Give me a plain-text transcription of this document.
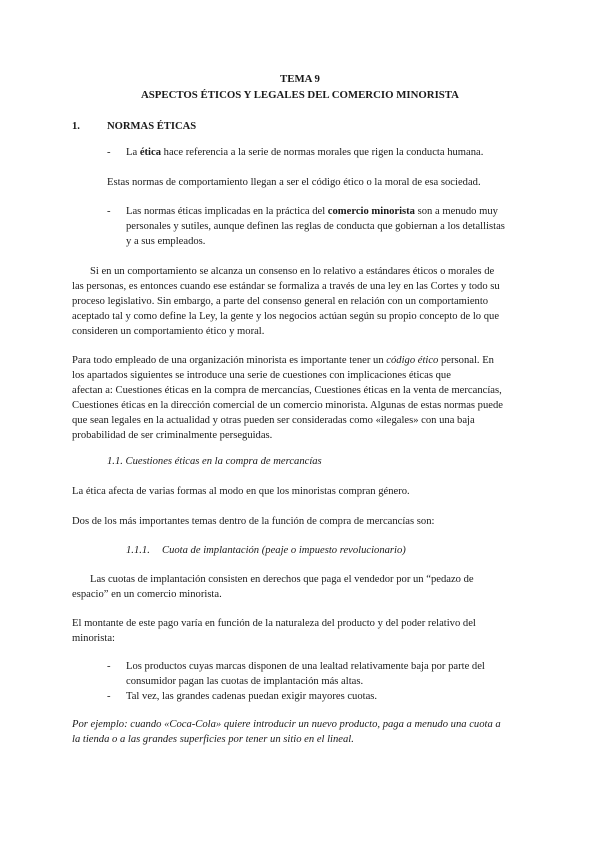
TEMA 9

ASPECTOS ÉTICOS Y LEGALES DEL COMERCIO MINORISTA

1.	NORMAS ÉTICAS

- La ética hace referencia a la serie de normas morales que rigen la conducta humana.

Estas normas de comportamiento llegan a ser el código ético o la moral de esa sociedad.

- Las normas éticas implicadas en la práctica del comercio minorista son a menudo muy

personales y sutiles, aunque definen las reglas de conducta que gobiernan a los detallistas

y a sus empleados.

Si en un comportamiento se alcanza un consenso en lo relativo a estándares éticos o morales de

las personas, es entonces cuando ese estándar se formaliza a través de una ley en las Cortes y todo su

proceso legislativo. Sin embargo, a parte del consenso general en relación con un comportamiento

aceptado tal y como define la Ley, la gente y los negocios actúan según su propio concepto de lo que

consideren un comportamiento ético y moral.

Para todo empleado de una organización minorista es importante tener un código ético personal. En

los apartados siguientes se introduce una serie de cuestiones con implicaciones éticas que

afectan a: Cuestiones éticas en la compra de mercancías, Cuestiones éticas en la venta de mercancías,

Cuestiones éticas en la dirección comercial de un comercio minorista. Algunas de estas normas puede

que sean legales en la actualidad y otras pueden ser consideradas como «ilegales» con una baja

probabilidad de ser criminalmente perseguidas.

1.1. Cuestiones éticas en la compra de mercancías

La ética afecta de varias formas al modo en que los minoristas compran género.

Dos de los más importantes temas dentro de la función de compra de mercancías son:

1.1.1. Cuota de implantación (peaje o impuesto revolucionario)

Las cuotas de implantación consisten en derechos que paga el vendedor por un “pedazo de

espacio” en un comercio minorista.

El montante de este pago varía en función de la naturaleza del producto y del poder relativo del

minorista:

- Los productos cuyas marcas disponen de una lealtad relativamente baja por parte del

consumidor pagan las cuotas de implantación más altas.

- Tal vez, las grandes cadenas puedan exigir mayores cuotas.

Por ejemplo: cuando «Coca-Cola» quiere introducir un nuevo producto, paga a menudo una cuota a

la tienda o a las grandes superficies por tener un sitio en el lineal.
